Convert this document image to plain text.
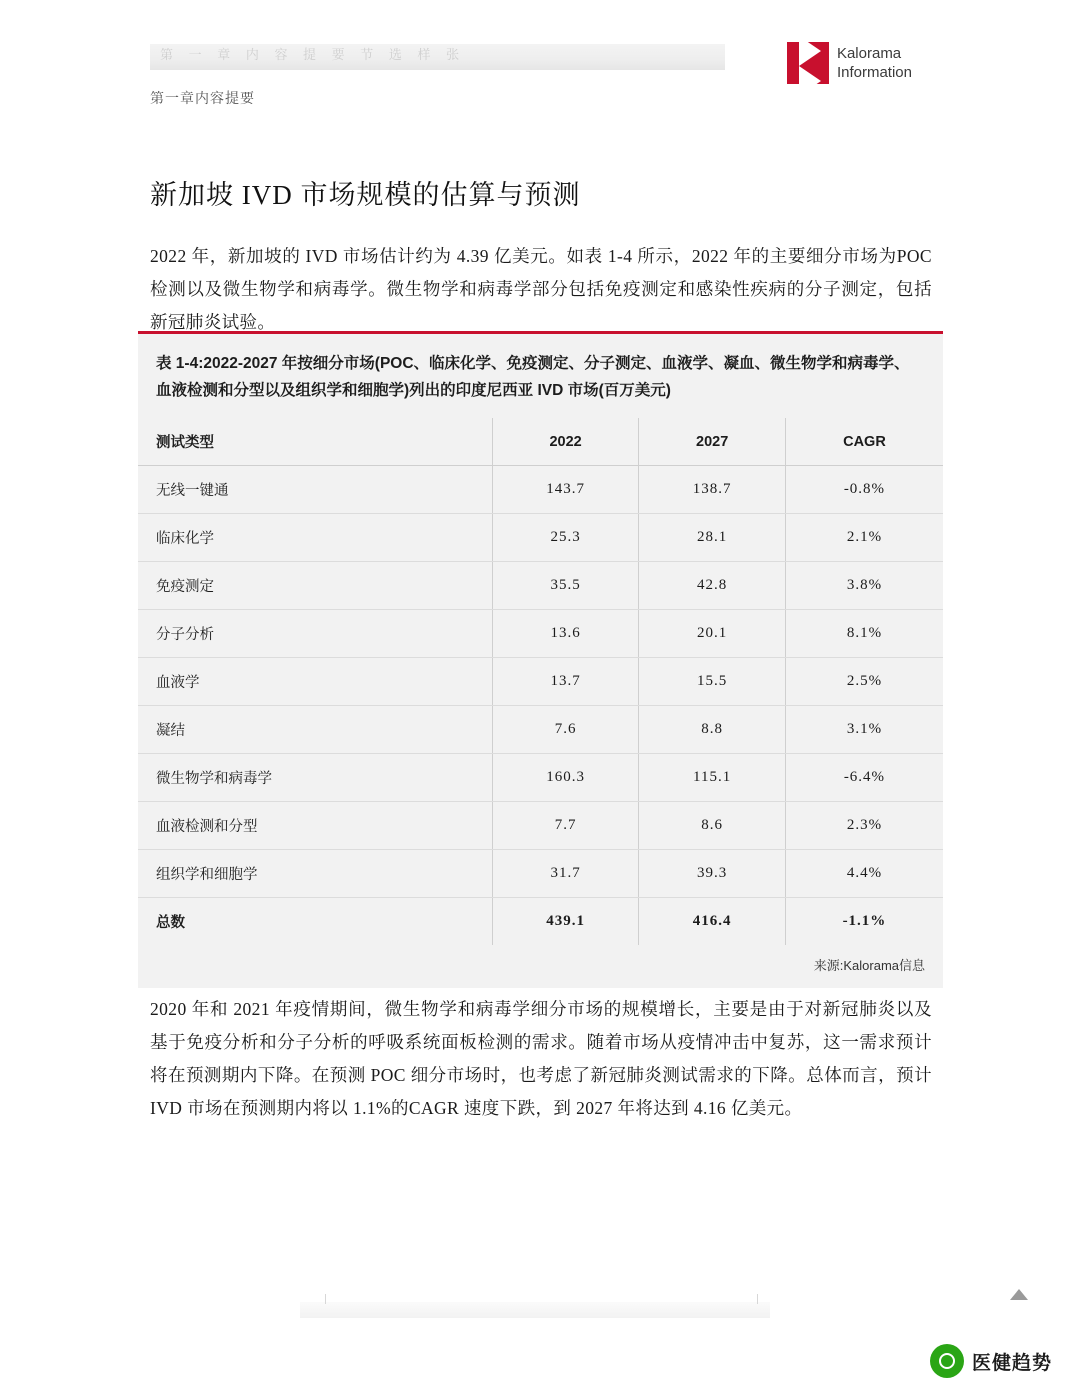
第 一 章 内 容 提 要 节 选 样 张	Kalorama
Information
第一章内容提要
新加坡 IVD 市场规模的估算与预测

2022 年，新加坡的 IVD 市场估计约为 4.39 亿美元。如表 1-4 所示，2022 年的主要细分市场为POC 检测以及微生物学和病毒学。微生物学和病毒学部分包括免疫测定和感染性疾病的分子测定，包括新冠肺炎试验。

表 1-4:2022-2027 年按细分市场(POC、临床化学、免疫测定、分子测定、血液学、凝血、微生物学和病毒学、血液检测和分型以及组织学和细胞学)列出的印度尼西亚 IVD 市场(百万美元)
测试类型	2022	2027	CAGR
无线一键通	143.7	138.7	-0.8%
临床化学	25.3	28.1	2.1%
免疫测定	35.5	42.8	3.8%
分子分析	13.6	20.1	8.1%
血液学	13.7	15.5	2.5%
凝结	7.6	8.8	3.1%
微生物学和病毒学	160.3	115.1	-6.4%
血液检测和分型	7.7	8.6	2.3%
组织学和细胞学	31.7	39.3	4.4%
总数	439.1	416.4	-1.1%
来源:Kalorama信息

2020 年和 2021 年疫情期间，微生物学和病毒学细分市场的规模增长，主要是由于对新冠肺炎以及基于免疫分析和分子分析的呼吸系统面板检测的需求。随着市场从疫情冲击中复苏，这一需求预计将在预测期内下降。在预测 POC 细分市场时，也考虑了新冠肺炎测试需求的下降。总体而言，预计 IVD 市场在预测期内将以 1.1%的CAGR 速度下跌，到 2027 年将达到 4.16 亿美元。

医健趋势
